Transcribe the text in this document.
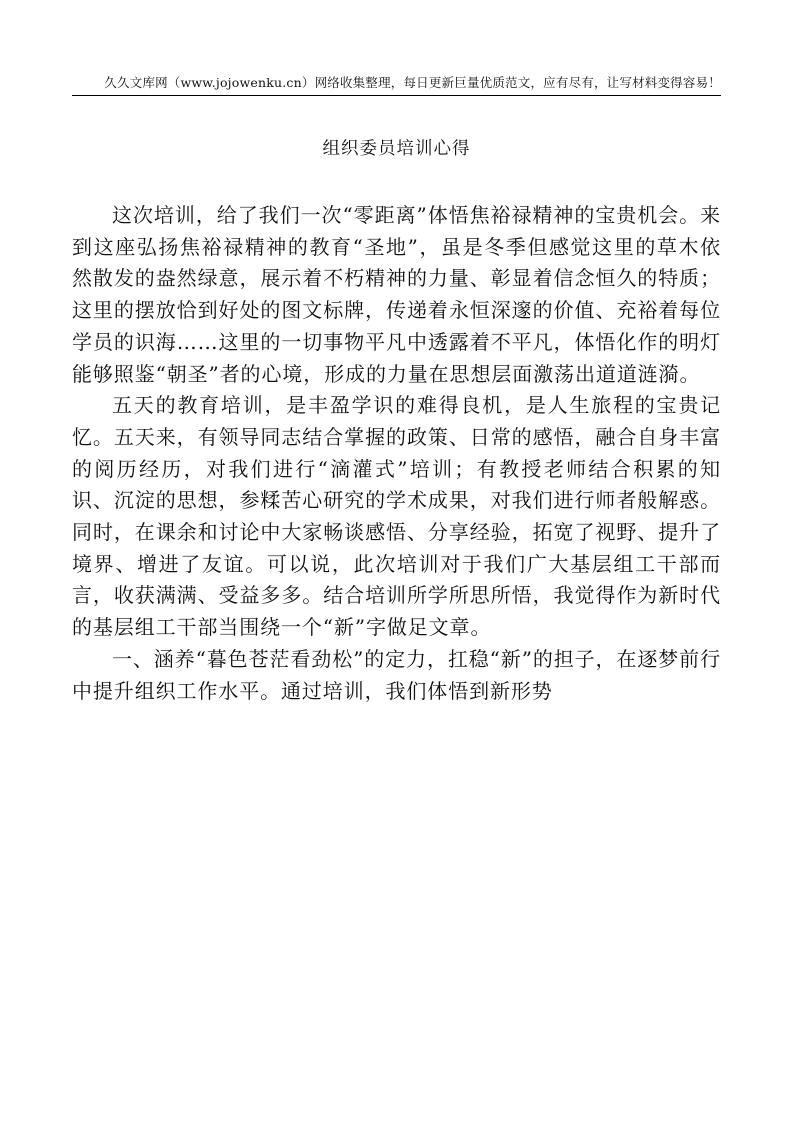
久久文库网（www.jojowenku.cn）网络收集整理，每日更新巨量优质范文，应有尽有，让写材料变得容易！
组织委员培训心得

这次培训，给了我们一次“零距离”体悟焦裕禄精神的宝贵机会。来到这座弘扬焦裕禄精神的教育“圣地”，虽是冬季但感觉这里的草木依然散发的盎然绿意，展示着不朽精神的力量、彰显着信念恒久的特质；这里的摆放恰到好处的图文标牌，传递着永恒深邃的价值、充裕着每位学员的识海……这里的一切事物平凡中透露着不平凡，体悟化作的明灯能够照鉴“朝圣”者的心境，形成的力量在思想层面激荡出道道涟漪。

五天的教育培训，是丰盈学识的难得良机，是人生旅程的宝贵记忆。五天来，有领导同志结合掌握的政策、日常的感悟，融合自身丰富的阅历经历，对我们进行“滴灌式”培训；有教授老师结合积累的知识、沉淀的思想，参糅苦心研究的学术成果，对我们进行师者般解惑。同时，在课余和讨论中大家畅谈感悟、分享经验，拓宽了视野、提升了境界、增进了友谊。可以说，此次培训对于我们广大基层组工干部而言，收获满满、受益多多。结合培训所学所思所悟，我觉得作为新时代的基层组工干部当围绕一个“新”字做足文章。

一、涵养“暮色苍茫看劲松”的定力，扛稳“新”的担子，在逐梦前行中提升组织工作水平。通过培训，我们体悟到新形势
